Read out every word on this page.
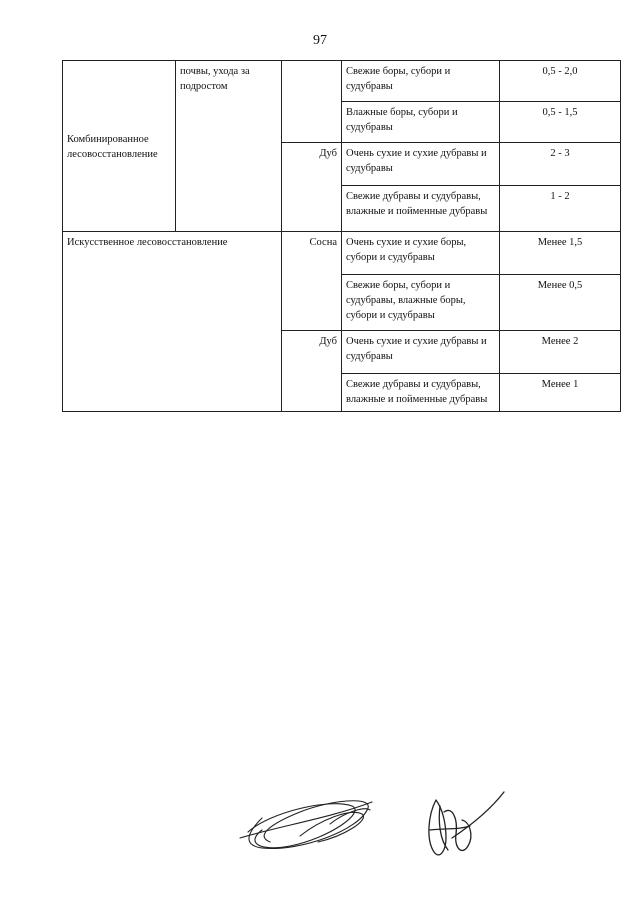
97
Комбинированное лесовосстановление	почвы, ухода за подростом		Свежие боры, субори и судубравы	0,5 - 2,0
			Влажные боры, субори и судубравы	0,5 - 1,5
		Дуб	Очень сухие и сухие дубравы и судубравы	2 - 3
			Свежие дубравы и судубравы, влажные и пойменные дубравы	1 - 2
Искусственное лесовосстановление		Сосна	Очень сухие и сухие боры, субори и судубравы	Менее 1,5
			Свежие боры, субори и судубравы, влажные боры, субори и судубравы	Менее 0,5
		Дуб	Очень сухие и сухие дубравы и судубравы	Менее 2
			Свежие дубравы и судубравы, влажные и пойменные дубравы	Менее 1
